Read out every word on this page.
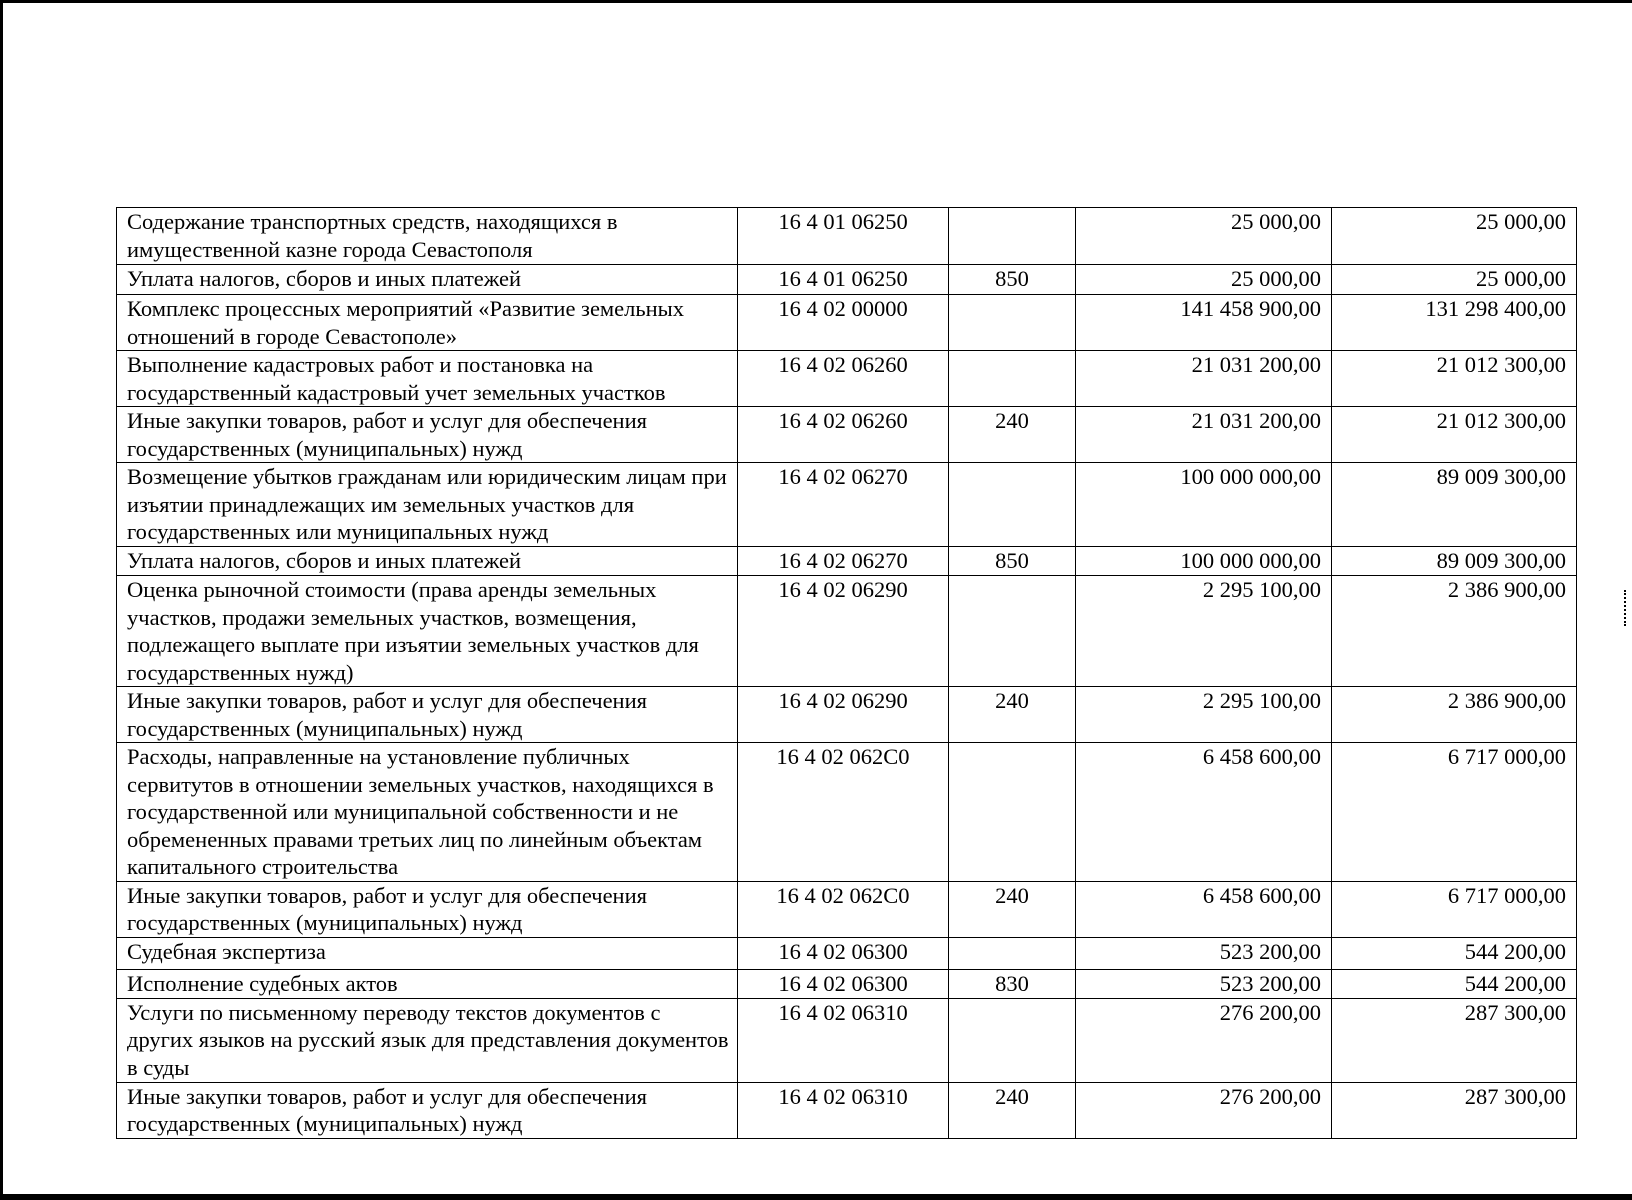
Содержание транспортных средств, находящихся в имущественной казне города Севастополя	16 4 01 06250		25 000,00	25 000,00
Уплата налогов, сборов и иных платежей	16 4 01 06250	850	25 000,00	25 000,00
Комплекс процессных мероприятий «Развитие земельных отношений в городе Севастополе»	16 4 02 00000		141 458 900,00	131 298 400,00
Выполнение кадастровых работ и постановка на государственный кадастровый учет земельных участков	16 4 02 06260		21 031 200,00	21 012 300,00
Иные закупки товаров, работ и услуг для обеспечения государственных (муниципальных) нужд	16 4 02 06260	240	21 031 200,00	21 012 300,00
Возмещение убытков гражданам или юридическим лицам при изъятии принадлежащих им земельных участков для государственных или муниципальных нужд	16 4 02 06270		100 000 000,00	89 009 300,00
Уплата налогов, сборов и иных платежей	16 4 02 06270	850	100 000 000,00	89 009 300,00
Оценка рыночной стоимости (права аренды земельных участков, продажи земельных участков, возмещения, подлежащего выплате при изъятии земельных участков для государственных нужд)	16 4 02 06290		2 295 100,00	2 386 900,00
Иные закупки товаров, работ и услуг для обеспечения государственных (муниципальных) нужд	16 4 02 06290	240	2 295 100,00	2 386 900,00
Расходы, направленные на установление публичных сервитутов в отношении земельных участков, находящихся в государственной или муниципальной собственности и не обремененных правами третьих лиц по линейным объектам капитального строительства	16 4 02 062С0		6 458 600,00	6 717 000,00
Иные закупки товаров, работ и услуг для обеспечения государственных (муниципальных) нужд	16 4 02 062С0	240	6 458 600,00	6 717 000,00
Судебная экспертиза	16 4 02 06300		523 200,00	544 200,00
Исполнение судебных актов	16 4 02 06300	830	523 200,00	544 200,00
Услуги по письменному переводу текстов документов с других языков на русский язык для представления документов в суды	16 4 02 06310		276 200,00	287 300,00
Иные закупки товаров, работ и услуг для обеспечения государственных (муниципальных) нужд	16 4 02 06310	240	276 200,00	287 300,00
